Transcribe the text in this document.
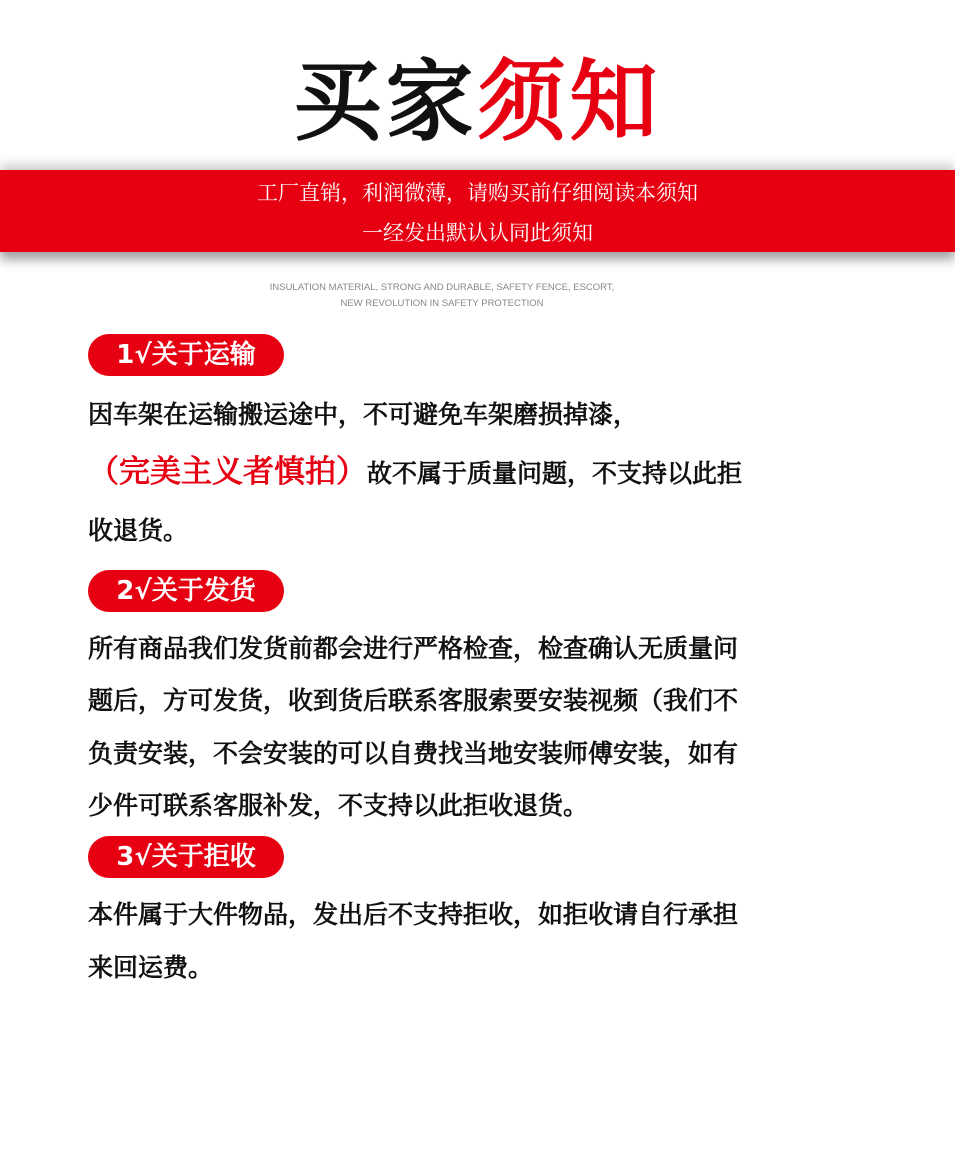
买家须知
工厂直销，利润微薄，请购买前仔细阅读本须知
一经发出默认认同此须知
INSULATION MATERIAL, STRONG AND DURABLE, SAFETY FENCE, ESCORT,
NEW REVOLUTION IN SAFETY PROTECTION
1√关于运输
因车架在运输搬运途中，不可避免车架磨损掉漆，
（完美主义者慎拍）故不属于质量问题，不支持以此拒
收退货。
2√关于发货
所有商品我们发货前都会进行严格检查，检查确认无质量问
题后，方可发货，收到货后联系客服索要安装视频（我们不
负责安装，不会安装的可以自费找当地安装师傅安装，如有
少件可联系客服补发，不支持以此拒收退货。
3√关于拒收
本件属于大件物品，发出后不支持拒收，如拒收请自行承担
来回运费。
